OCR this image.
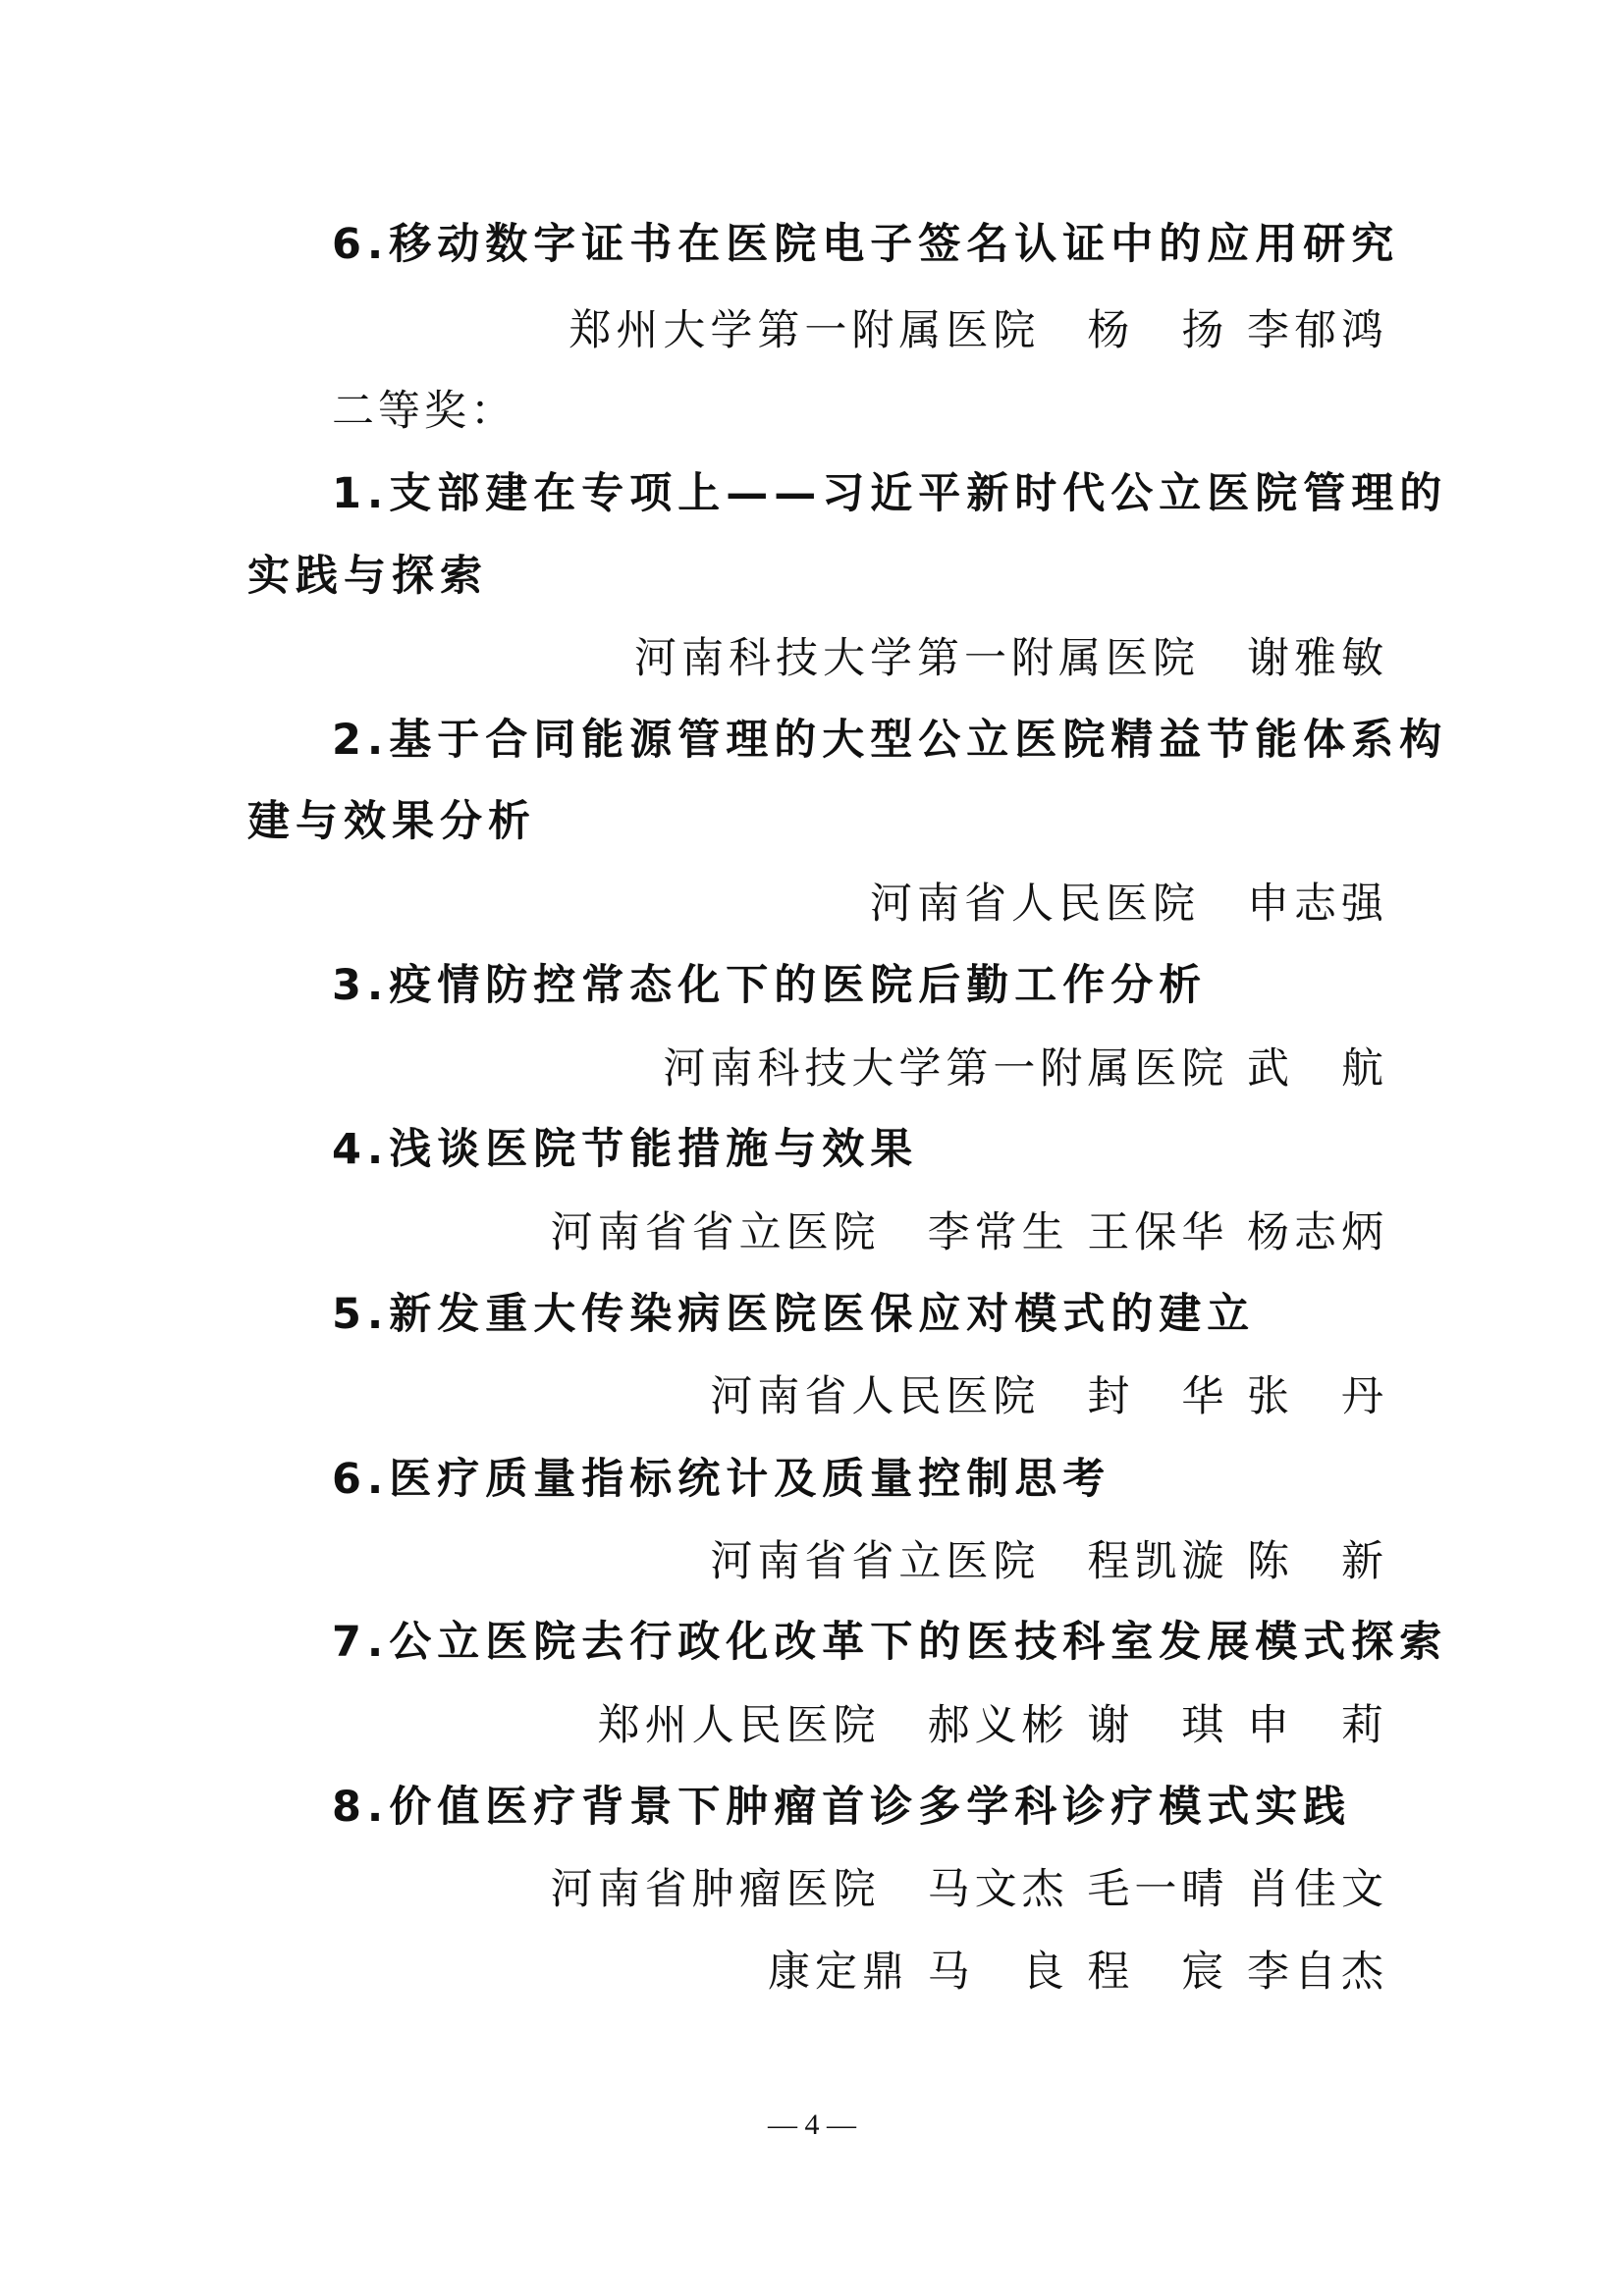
6.移动数字证书在医院电子签名认证中的应用研究
郑州大学第一附属医院　杨　扬 李郁鸿
二等奖：
1.支部建在专项上——习近平新时代公立医院管理的
实践与探索
河南科技大学第一附属医院　谢雅敏
2.基于合同能源管理的大型公立医院精益节能体系构
建与效果分析
河南省人民医院　申志强
3.疫情防控常态化下的医院后勤工作分析
河南科技大学第一附属医院 武　航
4.浅谈医院节能措施与效果
河南省省立医院　李常生 王保华 杨志炳
5.新发重大传染病医院医保应对模式的建立
河南省人民医院　封　华 张　丹
6.医疗质量指标统计及质量控制思考
河南省省立医院　程凯漩 陈　新
7.公立医院去行政化改革下的医技科室发展模式探索
郑州人民医院　郝义彬 谢　琪 申　莉
8.价值医疗背景下肿瘤首诊多学科诊疗模式实践
河南省肿瘤医院　马文杰 毛一晴 肖佳文
康定鼎 马　良 程　宸 李自杰
— 4 —
